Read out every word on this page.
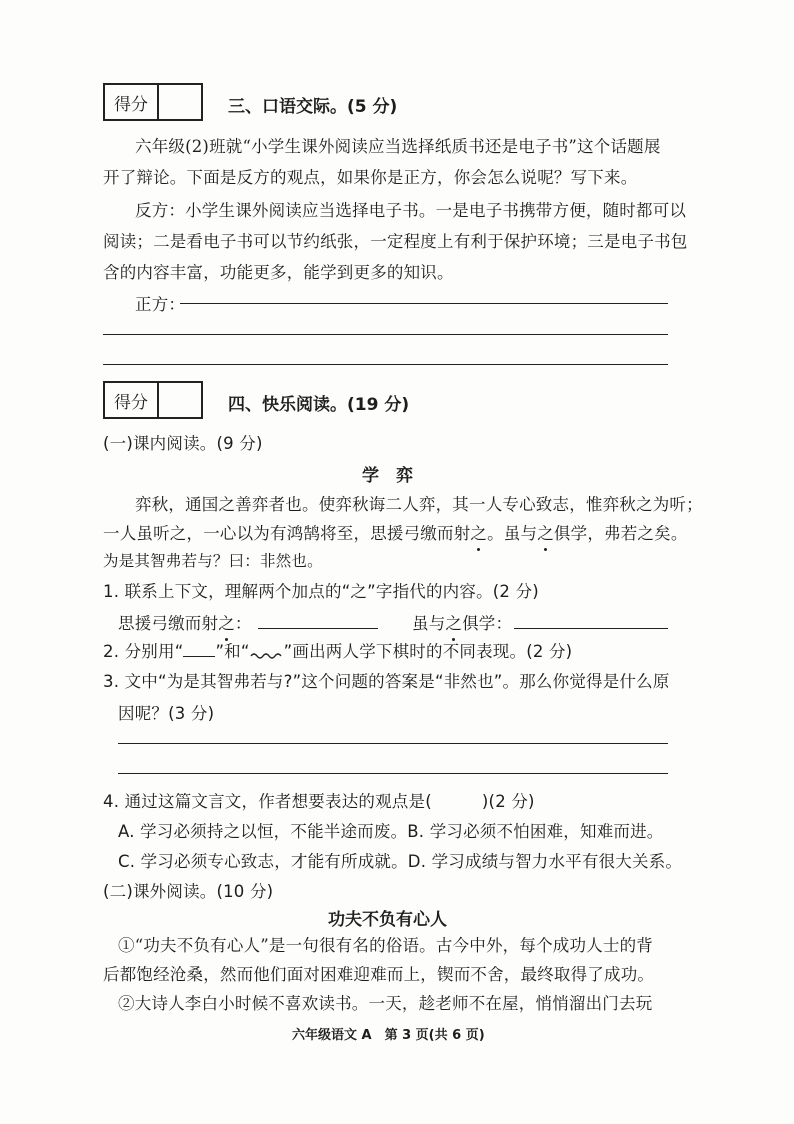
得分	三、口语交际。(5 分)
六年级(2)班就“小学生课外阅读应当选择纸质书还是电子书”这个话题展
开了辩论。下面是反方的观点，如果你是正方，你会怎么说呢？写下来。
反方：小学生课外阅读应当选择电子书。一是电子书携带方便，随时都可以
阅读；二是看电子书可以节约纸张，一定程度上有利于保护环境；三是电子书包
含的内容丰富，功能更多，能学到更多的知识。
正方：
得分	四、快乐阅读。(19 分)
(一)课内阅读。(9 分)
学　弈
弈秋，通国之善弈者也。使弈秋诲二人弈，其一人专心致志，惟弈秋之为听；
一人虽听之，一心以为有鸿鹄将至，思援弓缴而射之。虽与之俱学，弗若之矣。
为是其智弗若与？曰：非然也。
1. 联系上下文，理解两个加点的“之”字指代的内容。(2 分)
思援弓缴而射之：	虽与之俱学：
2. 分别用“ ”和“ ”画出两人学下棋时的不同表现。(2 分)
3. 文中“为是其智弗若与?”这个问题的答案是“非然也”。那么你觉得是什么原
因呢？(3 分)
4. 通过这篇文言文，作者想要表达的观点是(　　　)(2 分)
A. 学习必须持之以恒，不能半途而废。B. 学习必须不怕困难，知难而进。
C. 学习必须专心致志，才能有所成就。D. 学习成绩与智力水平有很大关系。
(二)课外阅读。(10 分)
功夫不负有心人
①“功夫不负有心人”是一句很有名的俗语。古今中外，每个成功人士的背
后都饱经沧桑，然而他们面对困难迎难而上，锲而不舍，最终取得了成功。
②大诗人李白小时候不喜欢读书。一天，趁老师不在屋，悄悄溜出门去玩
六年级语文 A　第 3 页(共 6 页)
